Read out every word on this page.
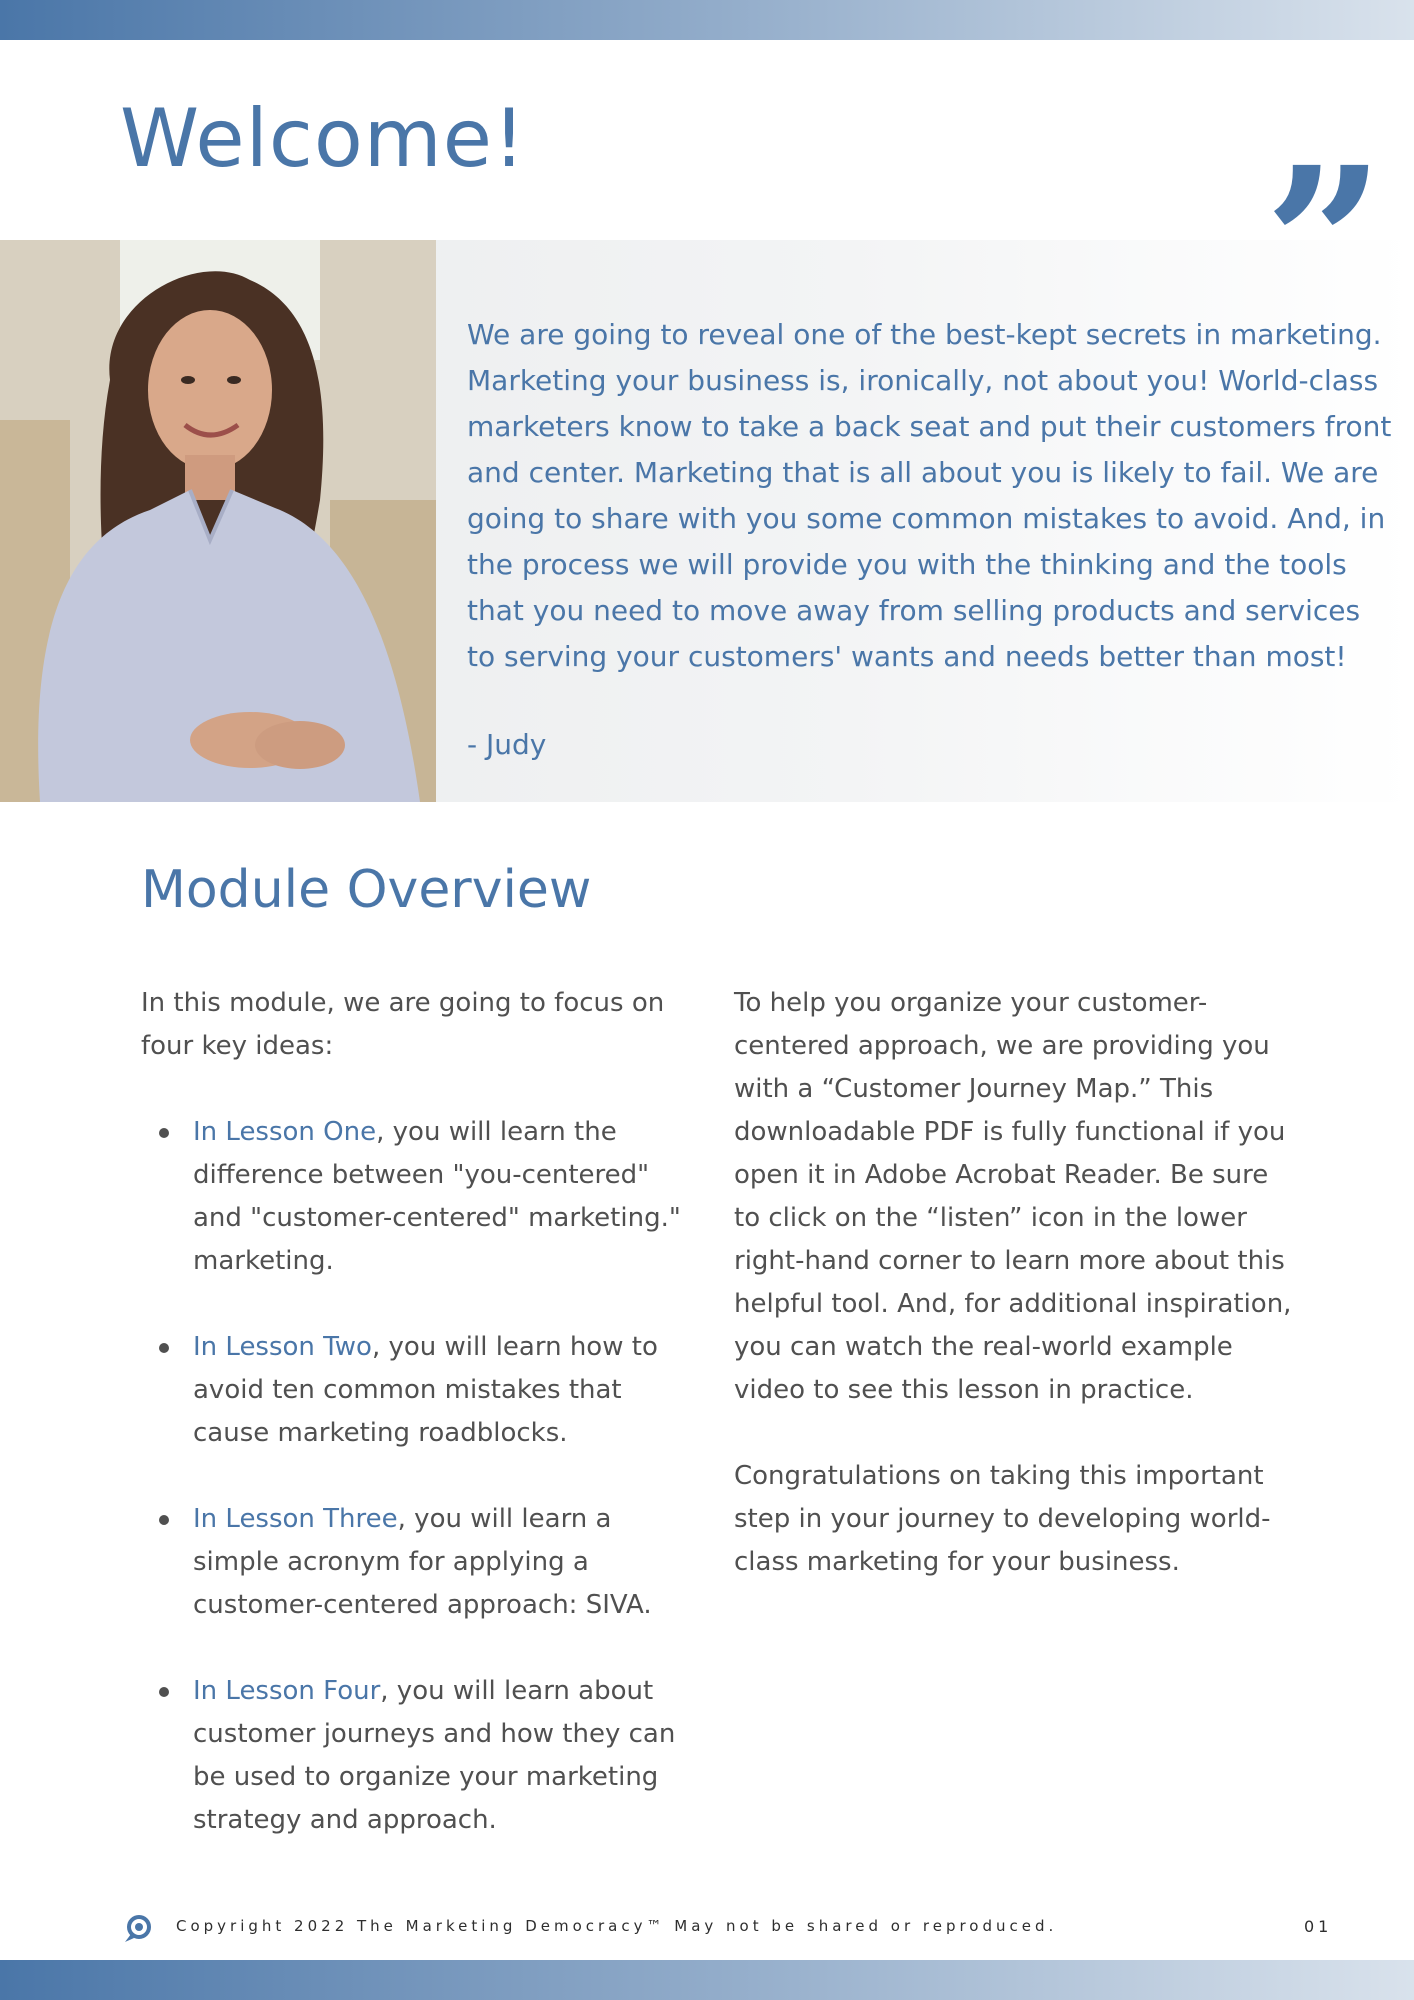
Welcome!	”
We are going to reveal one of the best-kept secrets in marketing. Marketing your business is, ironically, not about you! World-class marketers know to take a back seat and put their customers front and center. Marketing that is all about you is likely to fail. We are going to share with you some common mistakes to avoid. And, in the process we will provide you with the thinking and the tools that you need to move away from selling products and services to serving your customers' wants and needs better than most!
- Judy
Module Overview

In this module, we are going to focus on four key ideas:

In Lesson One, you will learn the difference between "you-centered" and "customer-centered" marketing." marketing.
In Lesson Two, you will learn how to avoid ten common mistakes that cause marketing roadblocks.
In Lesson Three, you will learn a simple acronym for applying a customer-centered approach: SIVA.
In Lesson Four, you will learn about customer journeys and how they can be used to organize your marketing strategy and approach.

To help you organize your customer-centered approach, we are providing you with a “Customer Journey Map.” This downloadable PDF is fully functional if you open it in Adobe Acrobat Reader. Be sure to click on the “listen” icon in the lower right-hand corner to learn more about this helpful tool. And, for additional inspiration, you can watch the real-world example video to see this lesson in practice.

Congratulations on taking this important step in your journey to developing world-class marketing for your business.

Copyright 2022 The Marketing Democracy™ May not be shared or reproduced.	01
